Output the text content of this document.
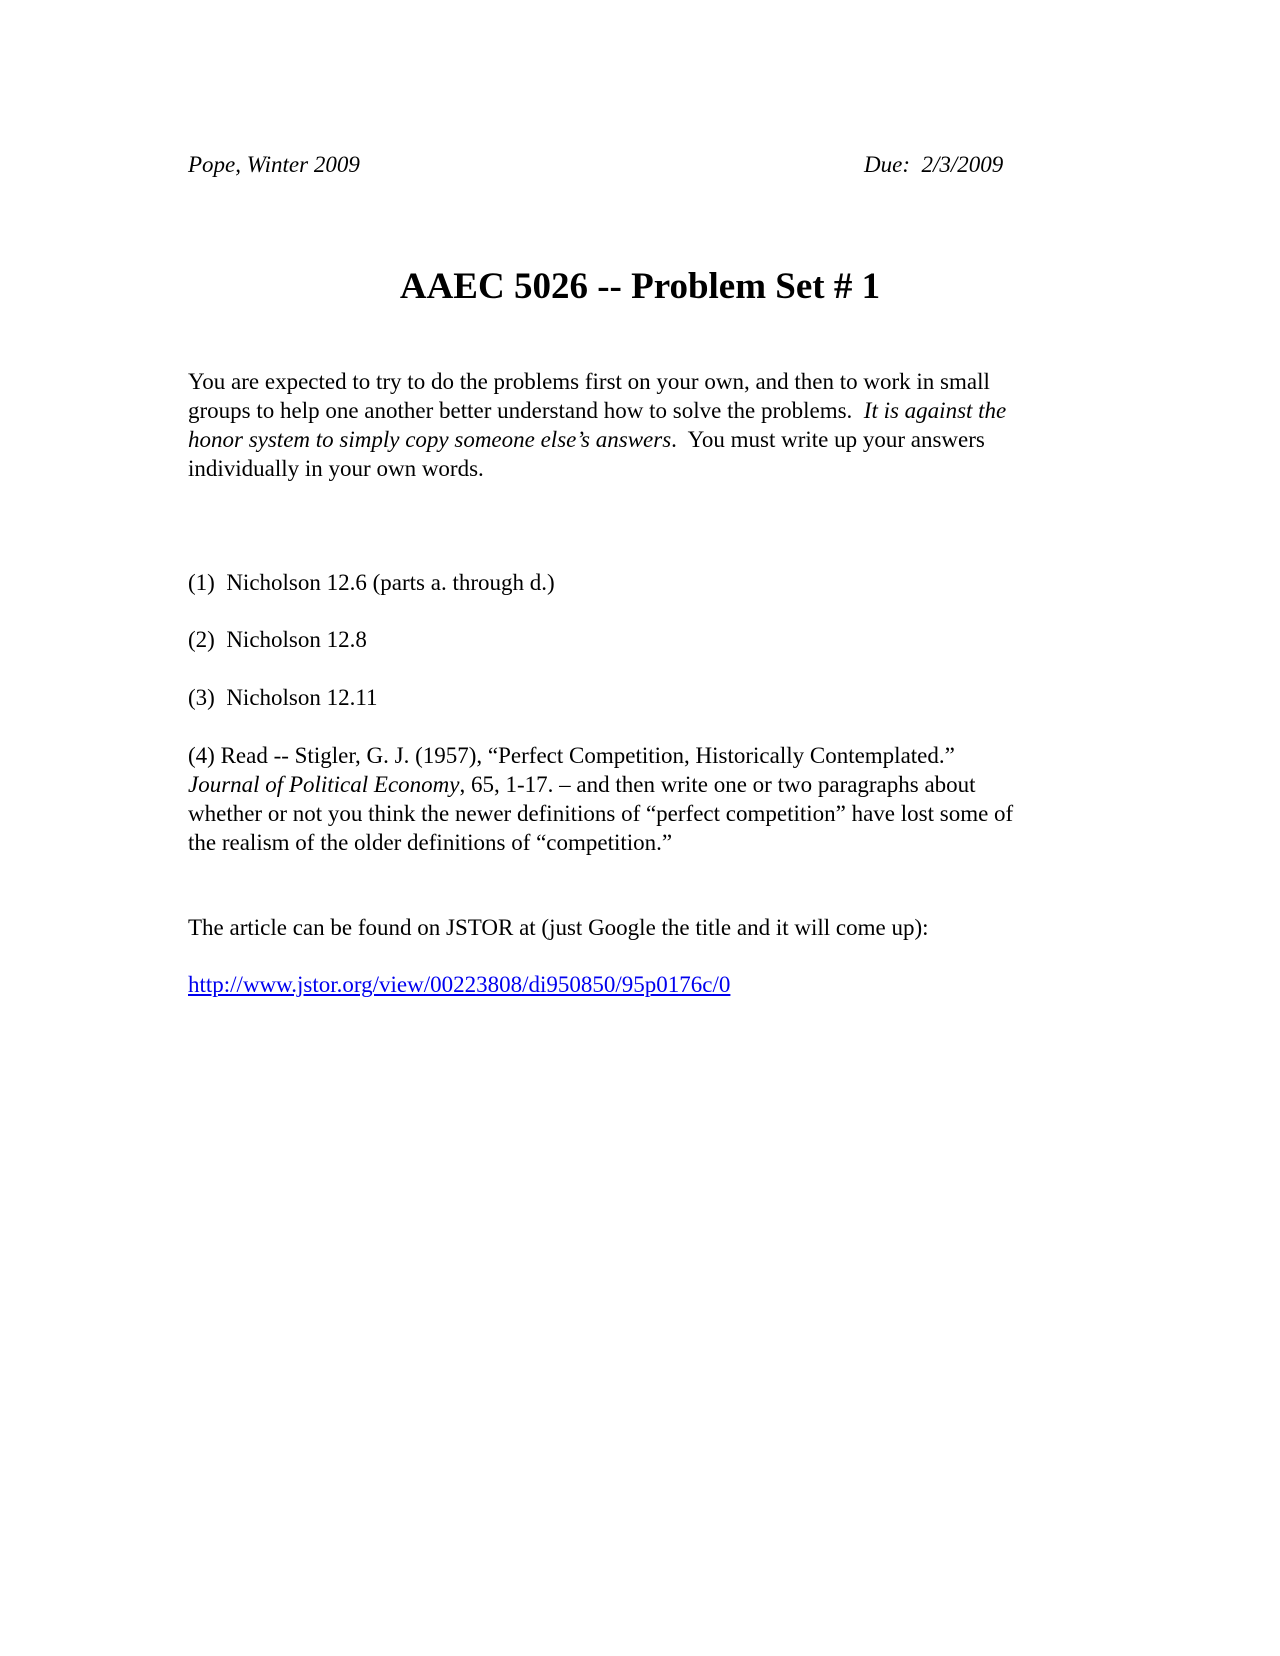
Pope, Winter 2009	Due:  2/3/2009
AAEC 5026 -- Problem Set # 1
You are expected to try to do the problems first on your own, and then to work in small
groups to help one another better understand how to solve the problems.  It is against the
honor system to simply copy someone else’s answers.  You must write up your answers
individually in your own words.
(1)  Nicholson 12.6 (parts a. through d.)
(2)  Nicholson 12.8
(3)  Nicholson 12.11
(4) Read -- Stigler, G. J. (1957), “Perfect Competition, Historically Contemplated.”
Journal of Political Economy, 65, 1-17. – and then write one or two paragraphs about
whether or not you think the newer definitions of “perfect competition” have lost some of
the realism of the older definitions of “competition.”
The article can be found on JSTOR at (just Google the title and it will come up):
http://www.jstor.org/view/00223808/di950850/95p0176c/0
